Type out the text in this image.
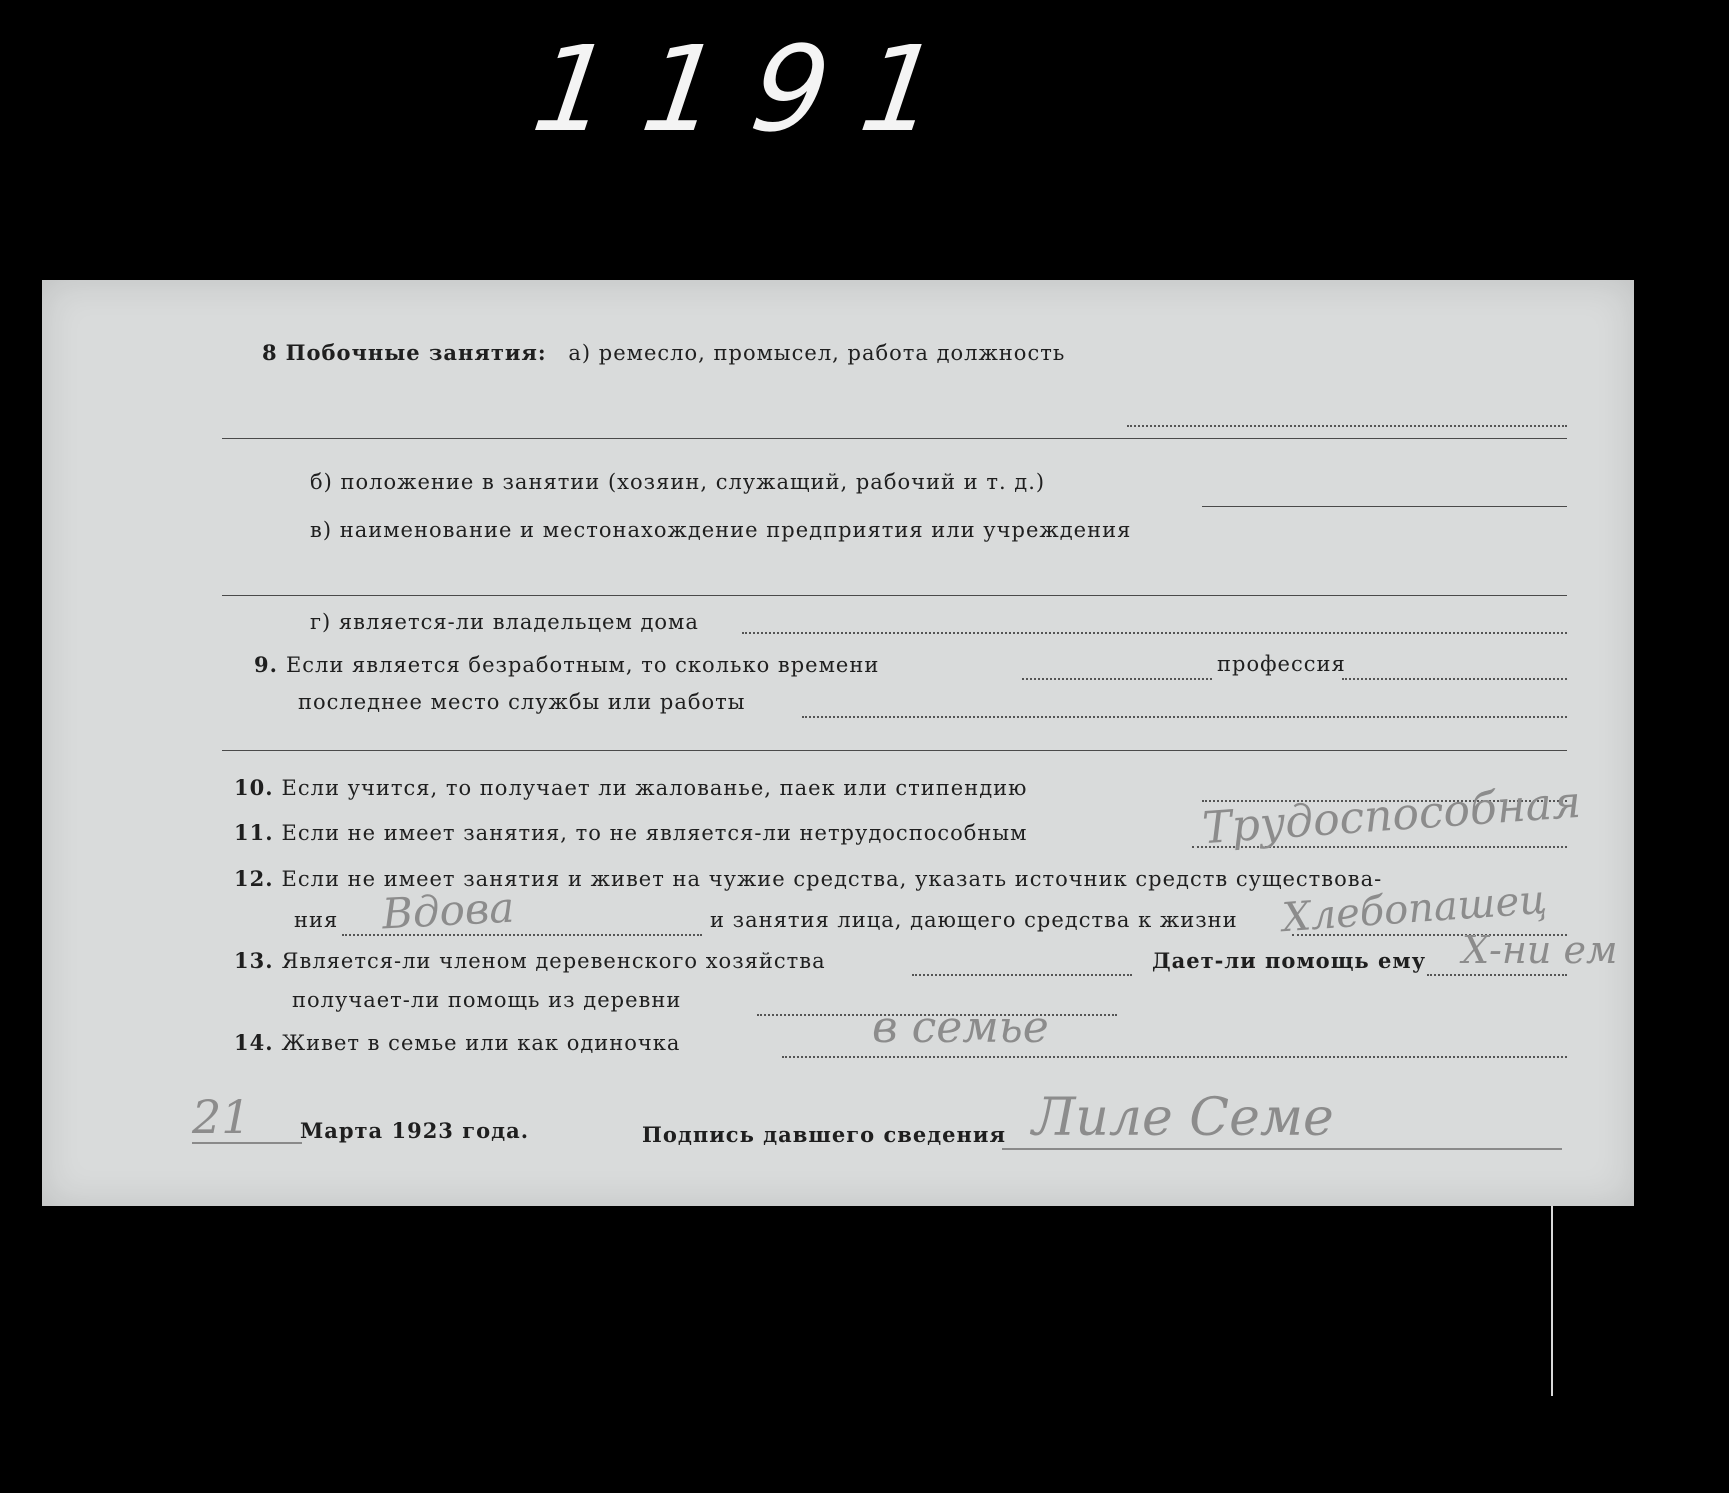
1191
8 Побочные занятия: а) ремесло, промысел, работа должность
б) положение в занятии (хозяин, служащий, рабочий и т. д.)
в) наименование и местонахождение предприятия или учреждения
г) является-ли владельцем дома
9. Если является безработным, то сколько времени	профессия
последнее место службы или работы
10. Если учится, то получает ли жалованье, паек или стипендию
11. Если не имеет занятия, то не является-ли нетрудоспособным	Трудоспособная
12. Если не имеет занятия и живет на чужие средства, указать источник средств существова-
ния Вдова	и занятия лица, дающего средства к жизни Хлебопашец
13. Является-ли членом деревенского хозяйства	Дает-ли помощь ему Х-ни ем
получает-ли помощь из деревни
14. Живет в семье или как одиночка	в семье
21 Марта 1923 года.	Подпись давшего сведения Лиле Семе
